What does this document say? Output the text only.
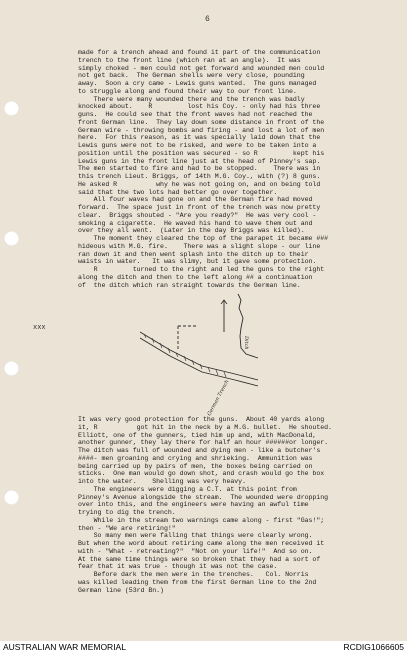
6
made for a trench ahead and found it part of the communication
trench to the front line (which ran at an angle).  It was
simply choked - men could not get forward and wounded men could
not get back.  The German shells were very close, pounding
away.  Soon a cry came - Lewis guns wanted.  The guns managed
to struggle along and found their way to our front line.
There were many wounded there and the trench was badly
knocked about.    R         lost his Coy. - only had his three
guns.  He could see that the front waves had not reached the
front German line.  They lay down some distance in front of the
German wire - throwing bombs and firing - and lost a lot of men
here.  For this reason, as it was specially laid down that the
Lewis guns were not to be risked, and were to be taken into a
position until the position was secured - so R         kept his
Lewis guns in the front line just at the head of Pinney's sap.
The men started to fire and had to be stopped.    There was in
this trench Lieut. Briggs, of 14th M.G. Coy., with (?) 8 guns.
He asked R          why he was not going on, and on being told
said that the two lots had better go over together.
All four waves had gone on and the German fire had moved
forward.  The space just in front of the trench was now pretty
clear.  Briggs shouted - "Are you ready?"  He was very cool -
smoking a cigarette.  He waved his hand to wave them out and
over they all went.  (Later in the day Briggs was killed).
The moment they cleared the top of the parapet it became ###
hideous with M.G. fire.    There was a slight slope - our line
ran down it and then went splash into the ditch up to their
waists in water.   It was slimy, but it gave some protection.
R         turned to the right and led the guns to the right
along the ditch and then to the left along ## a continuation
of  the ditch which ran straight towards the German line.
xxx
Ditch
German Trench
It was very good protection for the guns.  About 40 yards along
it, R          got hit in the neck by a M.G. bullet.  He shouted.
Elliott, one of the gunners, tied him up and, with MacDonald,
another gunner, they lay there for half an hour ######or longer.
The ditch was full of wounded and dying men - like a butcher's
####- men groaning and crying and shrieking.  Ammunition was
being carried up by pairs of men, the boxes being carried on
sticks.  One man would go down shot, and crash would go the box
into the water.    Shelling was very heavy.
The engineers were digging a C.T. at this point from
Pinney's Avenue alongside the stream.  The wounded were dropping
over into this, and the engineers were having an awful time
trying to dig the trench.
While in the stream two warnings came along - first "Gas!";
then - "We are retiring!"
So many men were falling that things were clearly wrong.
But when the word about retiring came along the men received it
with - "What - retreating?"  "Not on your life!"  And so on.
At the same time things were so broken that they had a sort of
fear that it was true - though it was not the case.
Before dark the men were in the trenches.   Col. Norris
was killed leading them from the first German line to the 2nd
German line (53rd Bn.)
AUSTRALIAN WAR MEMORIAL	RCDIG1066605
